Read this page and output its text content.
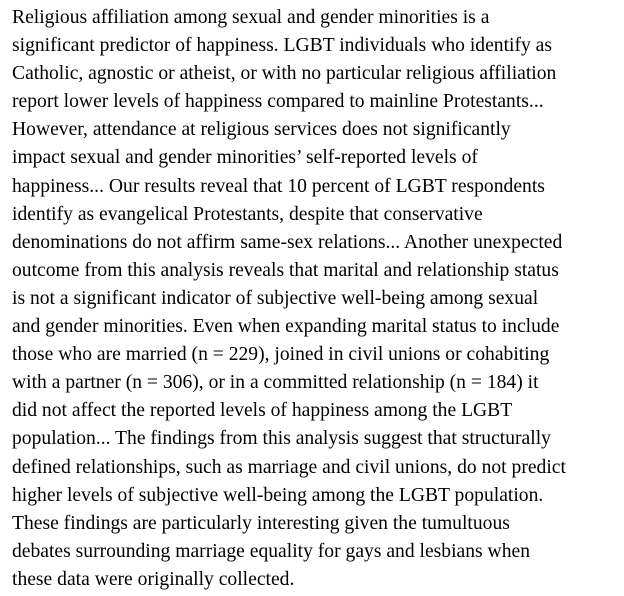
Religious affiliation among sexual and gender minorities is a
significant predictor of happiness. LGBT individuals who identify as
Catholic, agnostic or atheist, or with no particular religious affiliation
report lower levels of happiness compared to mainline Protestants...
However, attendance at religious services does not significantly
impact sexual and gender minorities’ self-reported levels of
happiness... Our results reveal that 10 percent of LGBT respondents
identify as evangelical Protestants, despite that conservative
denominations do not affirm same-sex relations... Another unexpected
outcome from this analysis reveals that marital and relationship status
is not a significant indicator of subjective well-being among sexual
and gender minorities. Even when expanding marital status to include
those who are married (n = 229), joined in civil unions or cohabiting
with a partner (n = 306), or in a committed relationship (n = 184) it
did not affect the reported levels of happiness among the LGBT
population... The findings from this analysis suggest that structurally
defined relationships, such as marriage and civil unions, do not predict
higher levels of subjective well-being among the LGBT population.
These findings are particularly interesting given the tumultuous
debates surrounding marriage equality for gays and lesbians when
these data were originally collected.
